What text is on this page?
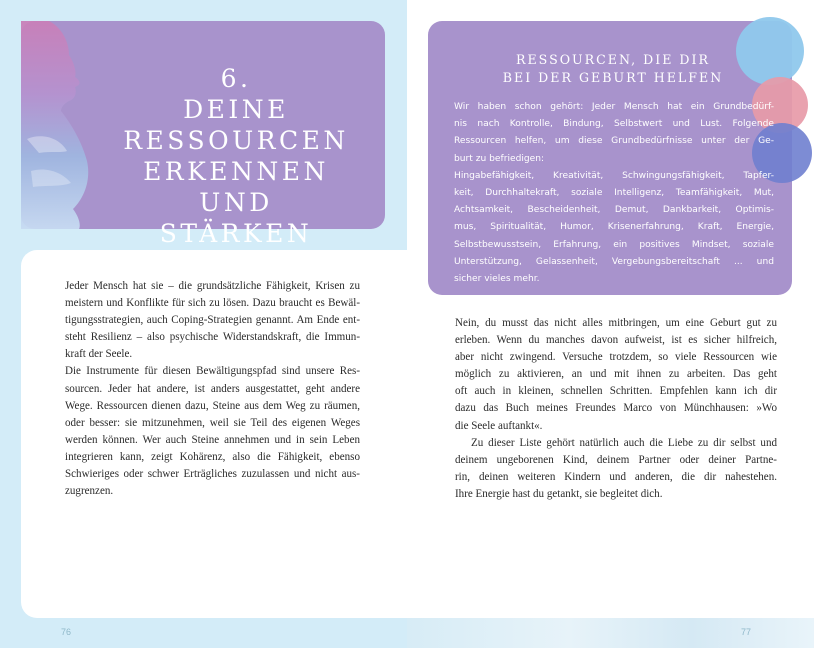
6.
DEINE
RESSOURCEN
ERKENNEN UND
STÄRKEN
RESSOURCEN, DIE DIR
BEI DER GEBURT HELFEN
Wir haben schon gehört: Jeder Mensch hat ein Grundbedürf-
nis nach Kontrolle, Bindung, Selbstwert und Lust. Folgende
Ressourcen helfen, um diese Grundbedürfnisse unter der Ge-
burt zu befriedigen:
Hingabefähigkeit, Kreativität, Schwingungsfähigkeit, Tapfer-
keit, Durchhaltekraft, soziale Intelligenz, Teamfähigkeit, Mut,
Achtsamkeit, Bescheidenheit, Demut, Dankbarkeit, Optimis-
mus, Spiritualität, Humor, Krisenerfahrung, Kraft, Energie,
Selbstbewusstsein, Erfahrung, ein positives Mindset, soziale
Unterstützung, Gelassenheit, Vergebungsbereitschaft ... und
sicher vieles mehr.

Jeder Mensch hat sie – die grundsätzliche Fähigkeit, Krisen zu
meistern und Konflikte für sich zu lösen. Dazu braucht es Bewäl-
tigungsstrategien, auch Coping-Strategien genannt. Am Ende ent-
steht Resilienz – also psychische Widerstandskraft, die Immun-
kraft der Seele.

Die Instrumente für diesen Bewältigungspfad sind unsere Res-
sourcen. Jeder hat andere, ist anders ausgestattet, geht andere
Wege. Ressourcen dienen dazu, Steine aus dem Weg zu räumen,
oder besser: sie mitzunehmen, weil sie Teil des eigenen Weges
werden können. Wer auch Steine annehmen und in sein Leben
integrieren kann, zeigt Kohärenz, also die Fähigkeit, ebenso
Schwieriges oder schwer Erträgliches zuzulassen und nicht aus-
zugrenzen.

Nein, du musst das nicht alles mitbringen, um eine Geburt gut zu
erleben. Wenn du manches davon aufweist, ist es sicher hilfreich,
aber nicht zwingend. Versuche trotzdem, so viele Ressourcen wie
möglich zu aktivieren, an und mit ihnen zu arbeiten. Das geht
oft auch in kleinen, schnellen Schritten. Empfehlen kann ich dir
dazu das Buch meines Freundes Marco von Münchhausen: »Wo
die Seele auftankt«.

Zu dieser Liste gehört natürlich auch die Liebe zu dir selbst und
deinem ungeborenen Kind, deinem Partner oder deiner Partne-
rin, deinen weiteren Kindern und anderen, die dir nahestehen.
Ihre Energie hast du getankt, sie begleitet dich.

76	77
